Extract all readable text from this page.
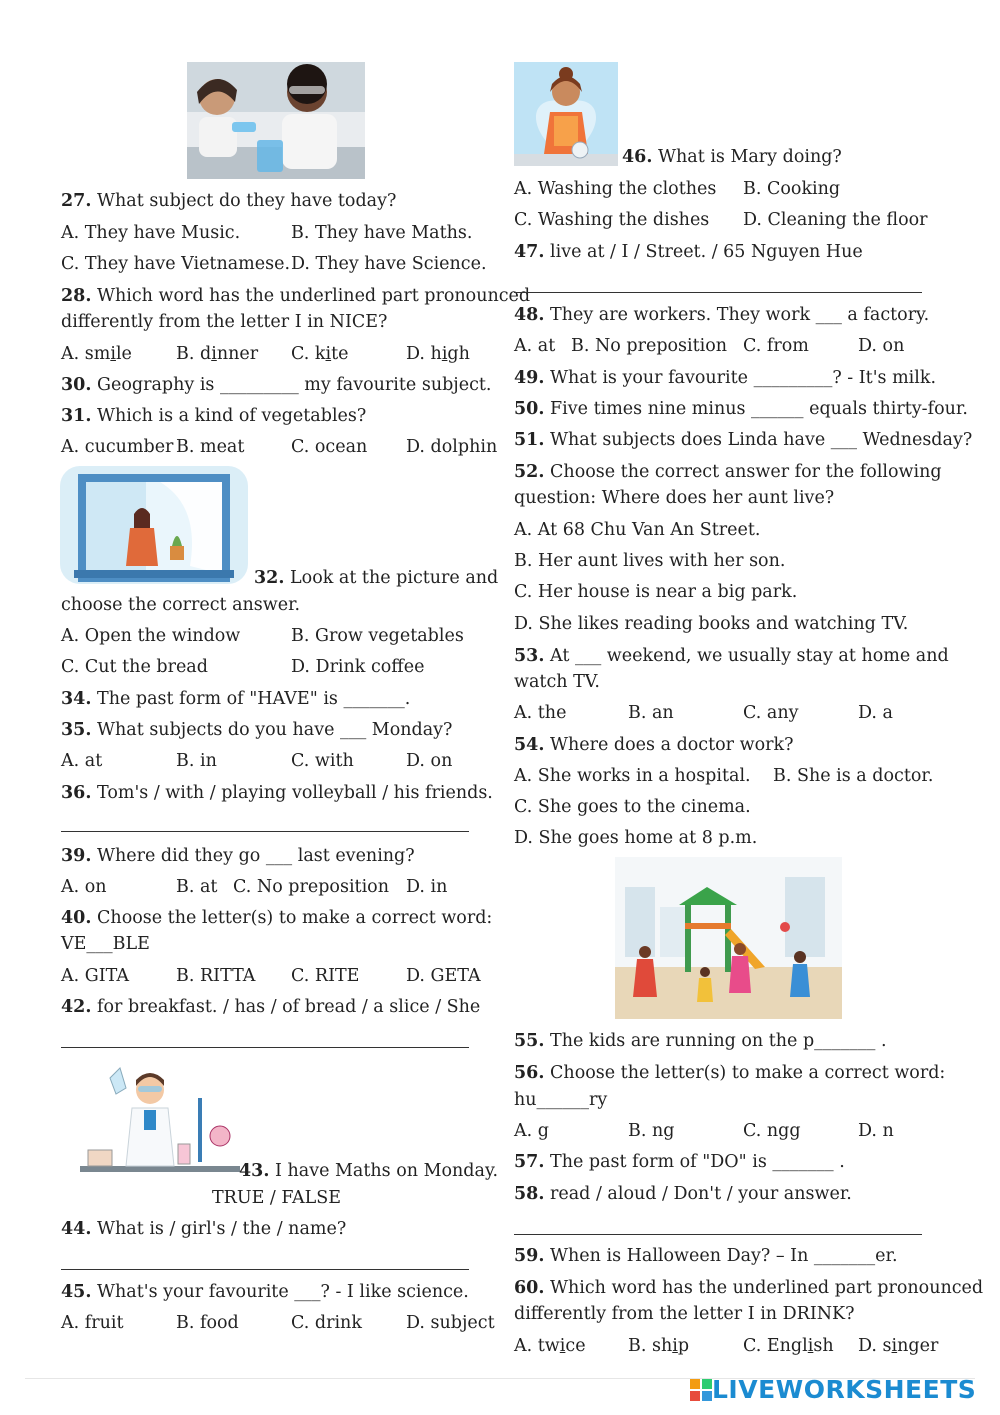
27. What subject do they have today?
A. They have Music.	B. They have Maths.
C. They have Vietnamese. D. They have Science.
28. Which word has the underlined part pronounced
differently from the letter I in NICE?
A. smile	B. dinner C. kite	D. high
30. Geography is _________ my favourite subject.
31. Which is a kind of vegetables?
A. cucumber B. meat	C. ocean D. dolphin
32. Look at the picture and
choose the correct answer.
A. Open the window	B. Grow vegetables
C. Cut the bread	D. Drink coffee
34. The past form of "HAVE" is _______.
35. What subjects do you have ___ Monday?
A. at	B. in	C. with	D. on
36. Tom's / with / playing volleyball / his friends.
39. Where did they go ___ last evening?
A. on	B. at C. No preposition D. in
40. Choose the letter(s) to make a correct word:
VE___BLE
A. GITA	B. RITTA C. RITE	D. GETA
42. for breakfast. / has / of bread / a slice / She
43. I have Maths on Monday.
TRUE / FALSE
44. What is / girl's / the / name?
45. What's your favourite ___? - I like science.
A. fruit	B. food	C. drink	D. subject
46. What is Mary doing?
A. Washing the clothes B. Cooking
C. Washing the dishes D. Cleaning the floor
47. live at / I / Street. / 65 Nguyen Hue
48. They are workers. They work ___ a factory.
A. at B. No preposition C. from	D. on
49. What is your favourite _________? - It's milk.
50. Five times nine minus ______ equals thirty-four.
51. What subjects does Linda have ___ Wednesday?
52. Choose the correct answer for the following
question: Where does her aunt live?
A. At 68 Chu Van An Street.
B. Her aunt lives with her son.
C. Her house is near a big park.
D. She likes reading books and watching TV.
53. At ___ weekend, we usually stay at home and
watch TV.
A. the	B. an	C. any	D. a
54. Where does a doctor work?
A. She works in a hospital. B. She is a doctor.
C. She goes to the cinema.
D. She goes home at 8 p.m.
55. The kids are running on the p_______ .
56. Choose the letter(s) to make a correct word:
hu______ry
A. g	B. ng	C. ngg	D. n
57. The past form of "DO" is _______ .
58. read / aloud / Don't / your answer.
59. When is Halloween Day? – In _______er.
60. Which word has the underlined part pronounced
differently from the letter I in DRINK?
A. twice B. ship	C. English D. singer
LIVEWORKSHEETS
